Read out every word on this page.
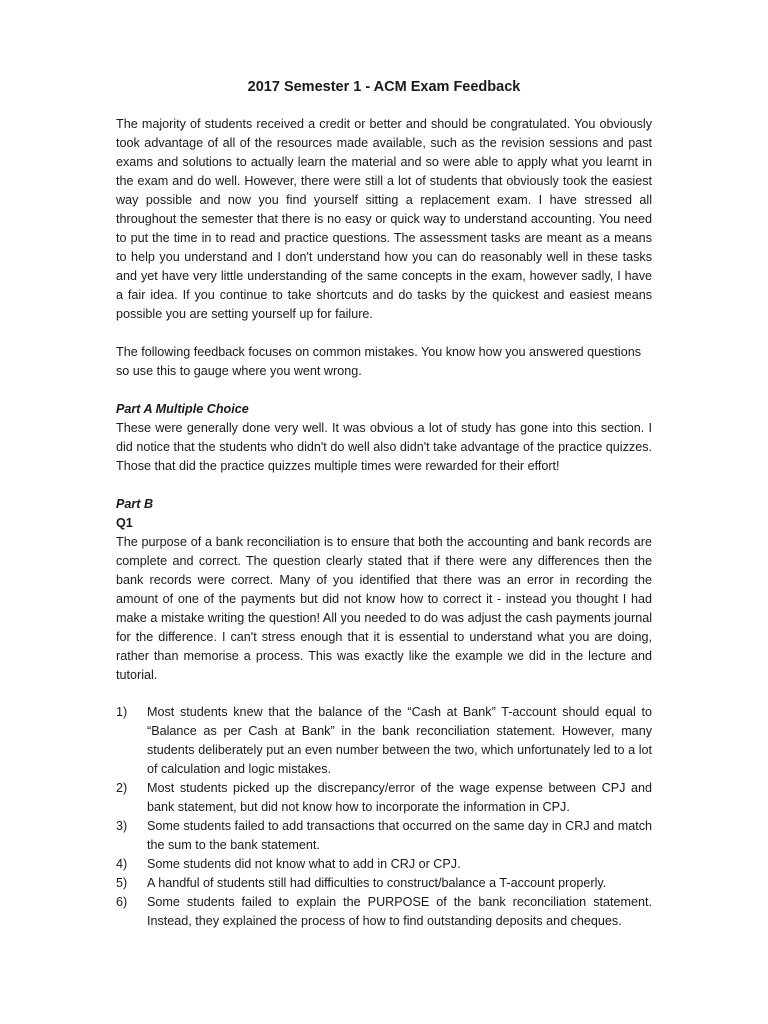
2017 Semester 1 - ACM Exam Feedback

The majority of students received a credit or better and should be congratulated. You obviously took advantage of all of the resources made available, such as the revision sessions and past exams and solutions to actually learn the material and so were able to apply what you learnt in the exam and do well. However, there were still a lot of students that obviously took the easiest way possible and now you find yourself sitting a replacement exam. I have stressed all throughout the semester that there is no easy or quick way to understand accounting. You need to put the time in to read and practice questions. The assessment tasks are meant as a means to help you understand and I don't understand how you can do reasonably well in these tasks and yet have very little understanding of the same concepts in the exam, however sadly, I have a fair idea. If you continue to take shortcuts and do tasks by the quickest and easiest means possible you are setting yourself up for failure.

The following feedback focuses on common mistakes. You know how you answered questions so use this to gauge where you went wrong.

Part A Multiple Choice

These were generally done very well. It was obvious a lot of study has gone into this section. I did notice that the students who didn't do well also didn't take advantage of the practice quizzes. Those that did the practice quizzes multiple times were rewarded for their effort!

Part B

Q1

The purpose of a bank reconciliation is to ensure that both the accounting and bank records are complete and correct. The question clearly stated that if there were any differences then the bank records were correct. Many of you identified that there was an error in recording the amount of one of the payments but did not know how to correct it - instead you thought I had make a mistake writing the question! All you needed to do was adjust the cash payments journal for the difference. I can't stress enough that it is essential to understand what you are doing, rather than memorise a process. This was exactly like the example we did in the lecture and tutorial.

1)	Most students knew that the balance of the “Cash at Bank” T-account should equal to “Balance as per Cash at Bank” in the bank reconciliation statement. However, many students deliberately put an even number between the two, which unfortunately led to a lot of calculation and logic mistakes.
2)	Most students picked up the discrepancy/error of the wage expense between CPJ and bank statement, but did not know how to incorporate the information in CPJ.
3)	Some students failed to add transactions that occurred on the same day in CRJ and match the sum to the bank statement.
4)	Some students did not know what to add in CRJ or CPJ.
5)	A handful of students still had difficulties to construct/balance a T-account properly.
6)	Some students failed to explain the PURPOSE of the bank reconciliation statement. Instead, they explained the process of how to find outstanding deposits and cheques.
